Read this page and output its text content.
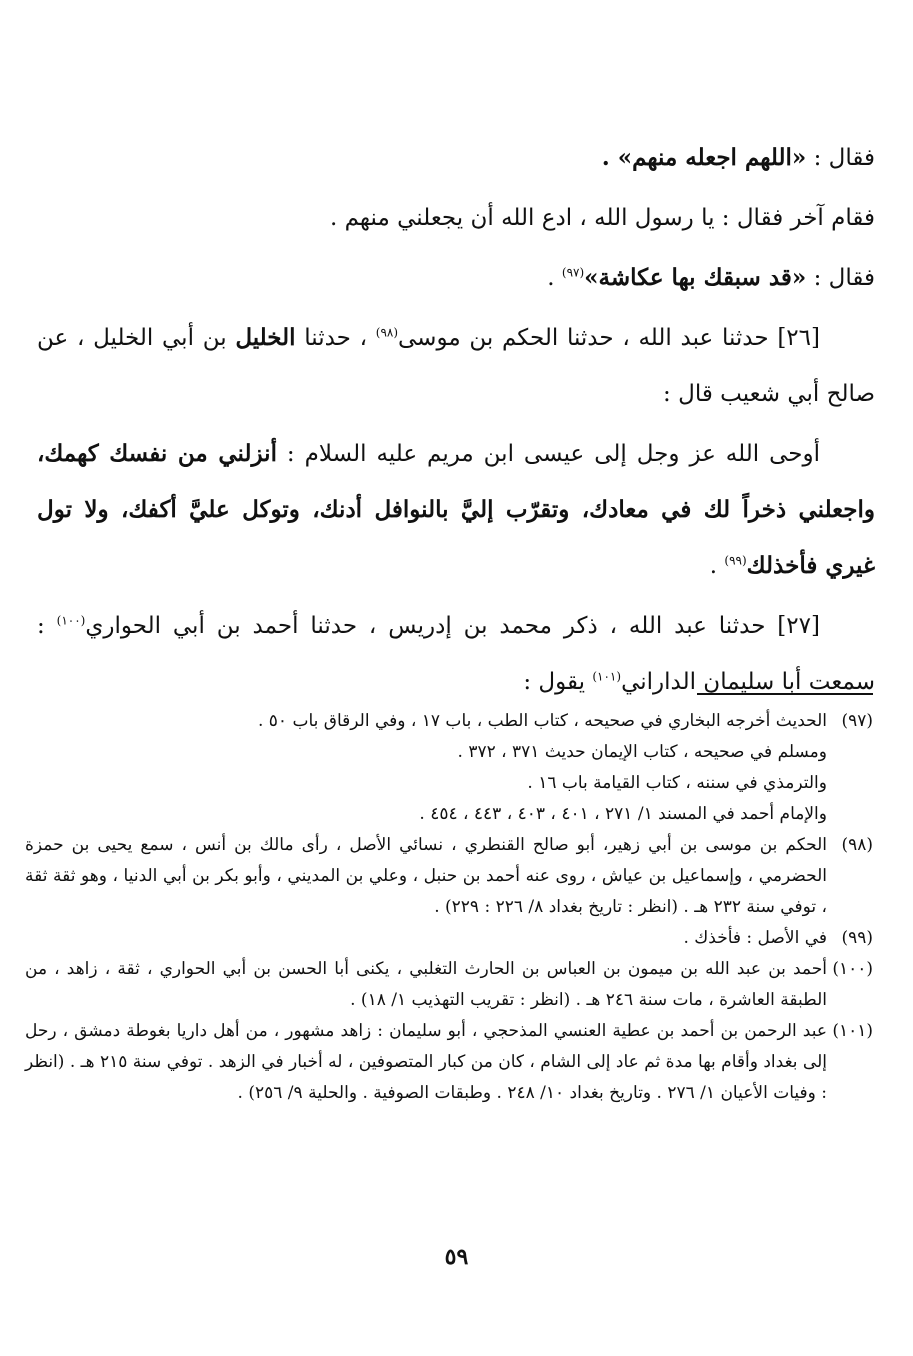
فقال : «اللهم اجعله منهم» .

فقام آخر فقال : يا رسول الله ، ادع الله أن يجعلني منهم .

فقال : «قد سبقك بها عكاشة»$^{(٩٧)}$ .

[٢٦] حدثنا عبد الله ، حدثنا الحكم بن موسى$^{(٩٨)}$ ، حدثنا الخليل بن أبي الخليل ، عن صالح أبي شعيب قال :

أوحى الله عز وجل إلى عيسى ابن مريم عليه السلام : أنزلني من نفسك كهمك، واجعلني ذخراً لك في معادك، وتقرّب إليَّ بالنوافل أدنك، وتوكل عليَّ أكفك، ولا تول غيري فأخذلك$^{(٩٩)}$ .

[٢٧] حدثنا عبد الله ، ذكر محمد بن إدريس ، حدثنا أحمد بن أبي الحواري$^{(١٠٠)}$ : سمعت أبا سليمان الداراني$^{(١٠١)}$ يقول :

(٩٧)
الحديث أخرجه البخاري في صحيحه ، كتاب الطب ، باب ١٧ ، وفي الرقاق باب ٥٠ .
ومسلم في صحيحه ، كتاب الإيمان حديث ٣٧١ ، ٣٧٢ .
والترمذي في سننه ، كتاب القيامة باب ١٦ .
والإمام أحمد في المسند ١/ ٢٧١ ، ٤٠١ ، ٤٠٣ ، ٤٤٣ ، ٤٥٤ .
(٩٨)
الحكم بن موسى بن أبي زهير، أبو صالح القنطري ، نسائي الأصل ، رأى مالك بن أنس ، سمع يحيى بن حمزة الحضرمي ، وإسماعيل بن عياش ، روى عنه أحمد بن حنبل ، وعلي بن المديني ، وأبو بكر بن أبي الدنيا ، وهو ثقة ثقة ، توفي سنة ٢٣٢ هـ . (انظر : تاريخ بغداد ٨/ ٢٢٦ : ٢٢٩) .
(٩٩)
في الأصل : فأخذك .
(١٠٠)
أحمد بن عبد الله بن ميمون بن العباس بن الحارث التغلبي ، يكنى أبا الحسن بن أبي الحواري ، ثقة ، زاهد ، من الطبقة العاشرة ، مات سنة ٢٤٦ هـ . (انظر : تقريب التهذيب ١/ ١٨) .
(١٠١)
عبد الرحمن بن أحمد بن عطية العنسي المذحجي ، أبو سليمان : زاهد مشهور ، من أهل داريا بغوطة دمشق ، رحل إلى بغداد وأقام بها مدة ثم عاد إلى الشام ، كان من كبار المتصوفين ، له أخبار في الزهد . توفي سنة ٢١٥ هـ . (انظر : وفيات الأعيان ١/ ٢٧٦ . وتاريخ بغداد ١٠/ ٢٤٨ . وطبقات الصوفية . والحلية ٩/ ٢٥٦) .
٥٩
